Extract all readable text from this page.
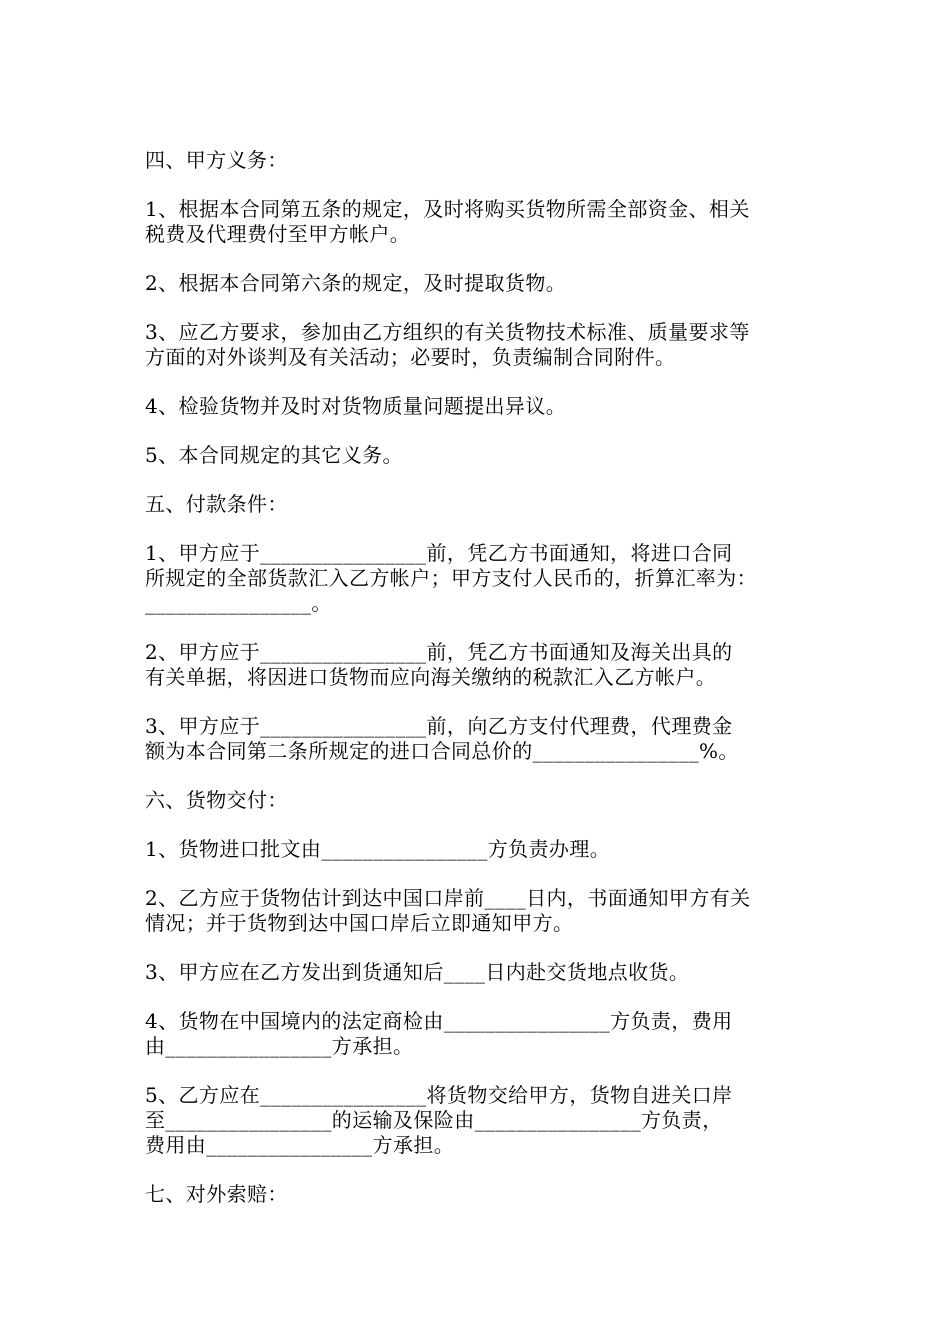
四、甲方义务：

1、根据本合同第五条的规定，及时将购买货物所需全部资金、相关
税费及代理费付至甲方帐户。

2、根据本合同第六条的规定，及时提取货物。

3、应乙方要求，参加由乙方组织的有关货物技术标准、质量要求等
方面的对外谈判及有关活动；必要时，负责编制合同附件。

4、检验货物并及时对货物质量问题提出异议。

5、本合同规定的其它义务。

五、付款条件：

1、甲方应于________________前，凭乙方书面通知，将进口合同
所规定的全部货款汇入乙方帐户；甲方支付人民币的，折算汇率为：
________________。

2、甲方应于________________前，凭乙方书面通知及海关出具的
有关单据，将因进口货物而应向海关缴纳的税款汇入乙方帐户。

3、甲方应于________________前，向乙方支付代理费，代理费金
额为本合同第二条所规定的进口合同总价的________________%。

六、货物交付：

1、货物进口批文由________________方负责办理。

2、乙方应于货物估计到达中国口岸前____日内，书面通知甲方有关
情况；并于货物到达中国口岸后立即通知甲方。

3、甲方应在乙方发出到货通知后____日内赴交货地点收货。

4、货物在中国境内的法定商检由________________方负责，费用
由________________方承担。

5、乙方应在________________将货物交给甲方，货物自进关口岸
至________________的运输及保险由________________方负责，
费用由________________方承担。

七、对外索赔：
